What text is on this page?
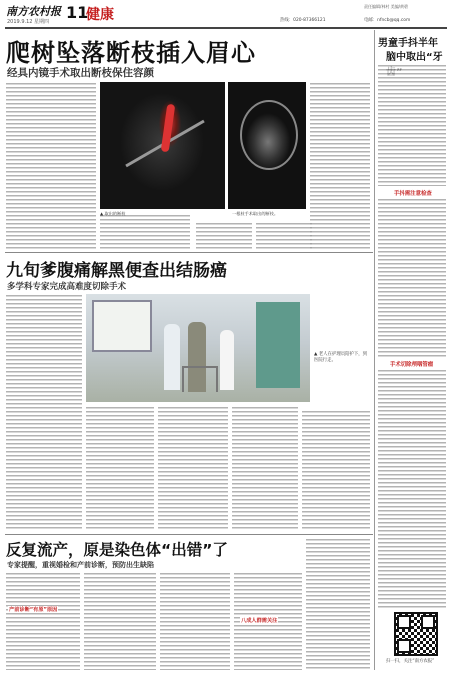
南方农村报
2019.9.12 星期四 11
健康
责任编辑/林村 美编/黄碧
热线：020-87366121	电邮：nfncb@qq.com
爬树坠落断枝插入眉心
经具内镜手术取出断枝保住容颜
▲ 取出的断枝	一根枝手术取出的断枝。
男童手抖半年
脑中取出“牙
手抖需注意检查
手术切除颅咽管瘤
扫一扫，关注“南方农报”
九旬爹腹痛解黑便查出结肠癌
多学科专家完成高难度切除手术
▲ 老人在护理员陪护下，到医院行走。
反复流产，原是染色体“出错”了
专家提醒，重视婚检和产前诊断，预防出生缺陷
产前诊断“有原”原因
八成人群需关注
